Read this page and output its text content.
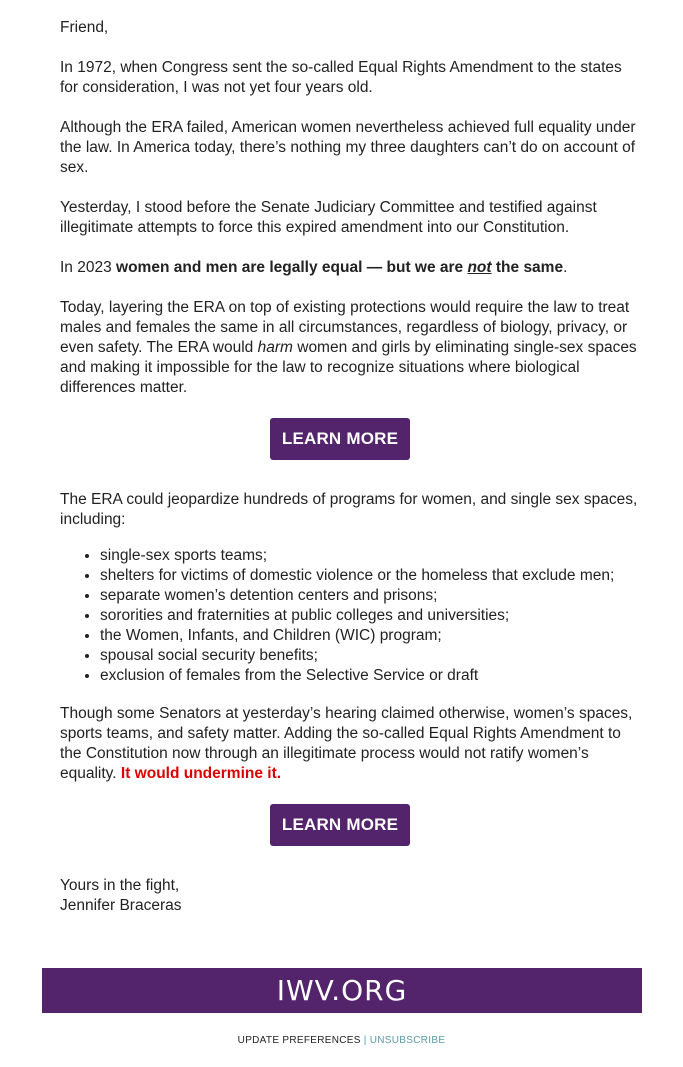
Friend,

In 1972, when Congress sent the so-called Equal Rights Amendment to the states for consideration, I was not yet four years old.

Although the ERA failed, American women nevertheless achieved full equality under the law. In America today, there’s nothing my three daughters can’t do on account of sex.

Yesterday, I stood before the Senate Judiciary Committee and testified against illegitimate attempts to force this expired amendment into our Constitution.

In 2023 women and men are legally equal — but we are not the same.

Today, layering the ERA on top of existing protections would require the law to treat males and females the same in all circumstances, regardless of biology, privacy, or even safety. The ERA would harm women and girls by eliminating single-sex spaces and making it impossible for the law to recognize situations where biological differences matter.

LEARN MORE

The ERA could jeopardize hundreds of programs for women, and single sex spaces, including:

• single-sex sports teams;
• shelters for victims of domestic violence or the homeless that exclude men;
• separate women’s detention centers and prisons;
• sororities and fraternities at public colleges and universities;
• the Women, Infants, and Children (WIC) program;
• spousal social security benefits;
• exclusion of females from the Selective Service or draft

Though some Senators at yesterday’s hearing claimed otherwise, women’s spaces, sports teams, and safety matter. Adding the so-called Equal Rights Amendment to the Constitution now through an illegitimate process would not ratify women’s equality. It would undermine it.

LEARN MORE
Yours in the fight,
Jennifer Braceras
IWV.ORG
UPDATE PREFERENCES | UNSUBSCRIBE
